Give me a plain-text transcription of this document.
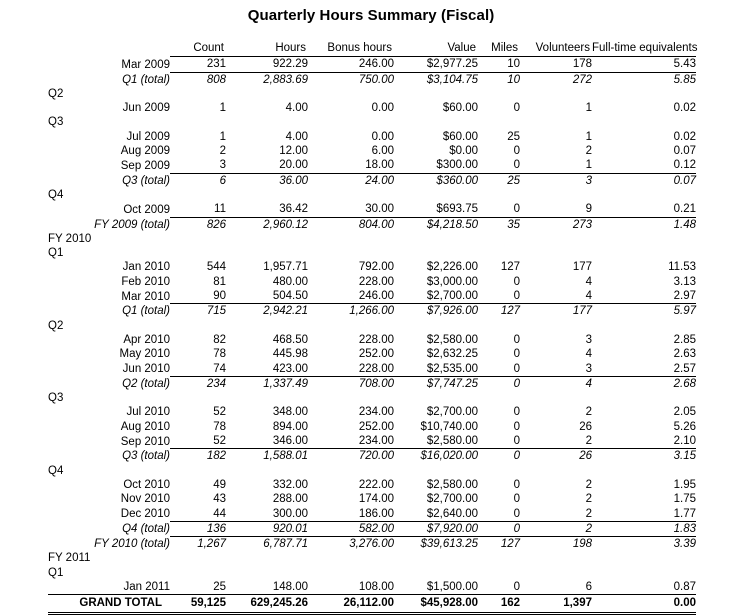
Quarterly Hours Summary (Fiscal)
	Count	Hours	Bonus hours	Value	Miles	Volunteers	Full-time equivalents
Mar 2009	231	922.29	246.00	$2,977.25	10	178	5.43
Q1 (total)	808	2,883.69	750.00	$3,104.75	10	272	5.85
Q2							
Jun 2009	1	4.00	0.00	$60.00	0	1	0.02
Q3							
Jul 2009	1	4.00	0.00	$60.00	25	1	0.02
Aug 2009	2	12.00	6.00	$0.00	0	2	0.07
Sep 2009	3	20.00	18.00	$300.00	0	1	0.12
Q3 (total)	6	36.00	24.00	$360.00	25	3	0.07
Q4							
Oct 2009	11	36.42	30.00	$693.75	0	9	0.21
FY 2009 (total)	826	2,960.12	804.00	$4,218.50	35	273	1.48
FY 2010							
Q1							
Jan 2010	544	1,957.71	792.00	$2,226.00	127	177	11.53
Feb 2010	81	480.00	228.00	$3,000.00	0	4	3.13
Mar 2010	90	504.50	246.00	$2,700.00	0	4	2.97
Q1 (total)	715	2,942.21	1,266.00	$7,926.00	127	177	5.97
Q2							
Apr 2010	82	468.50	228.00	$2,580.00	0	3	2.85
May 2010	78	445.98	252.00	$2,632.25	0	4	2.63
Jun 2010	74	423.00	228.00	$2,535.00	0	3	2.57
Q2 (total)	234	1,337.49	708.00	$7,747.25	0	4	2.68
Q3							
Jul 2010	52	348.00	234.00	$2,700.00	0	2	2.05
Aug 2010	78	894.00	252.00	$10,740.00	0	26	5.26
Sep 2010	52	346.00	234.00	$2,580.00	0	2	2.10
Q3 (total)	182	1,588.01	720.00	$16,020.00	0	26	3.15
Q4							
Oct 2010	49	332.00	222.00	$2,580.00	0	2	1.95
Nov 2010	43	288.00	174.00	$2,700.00	0	2	1.75
Dec 2010	44	300.00	186.00	$2,640.00	0	2	1.77
Q4 (total)	136	920.01	582.00	$7,920.00	0	2	1.83
FY 2010 (total)	1,267	6,787.71	3,276.00	$39,613.25	127	198	3.39
FY 2011							
Q1							
Jan 2011	25	148.00	108.00	$1,500.00	0	6	0.87
GRAND TOTAL	59,125	629,245.26	26,112.00	$45,928.00	162	1,397	0.00
